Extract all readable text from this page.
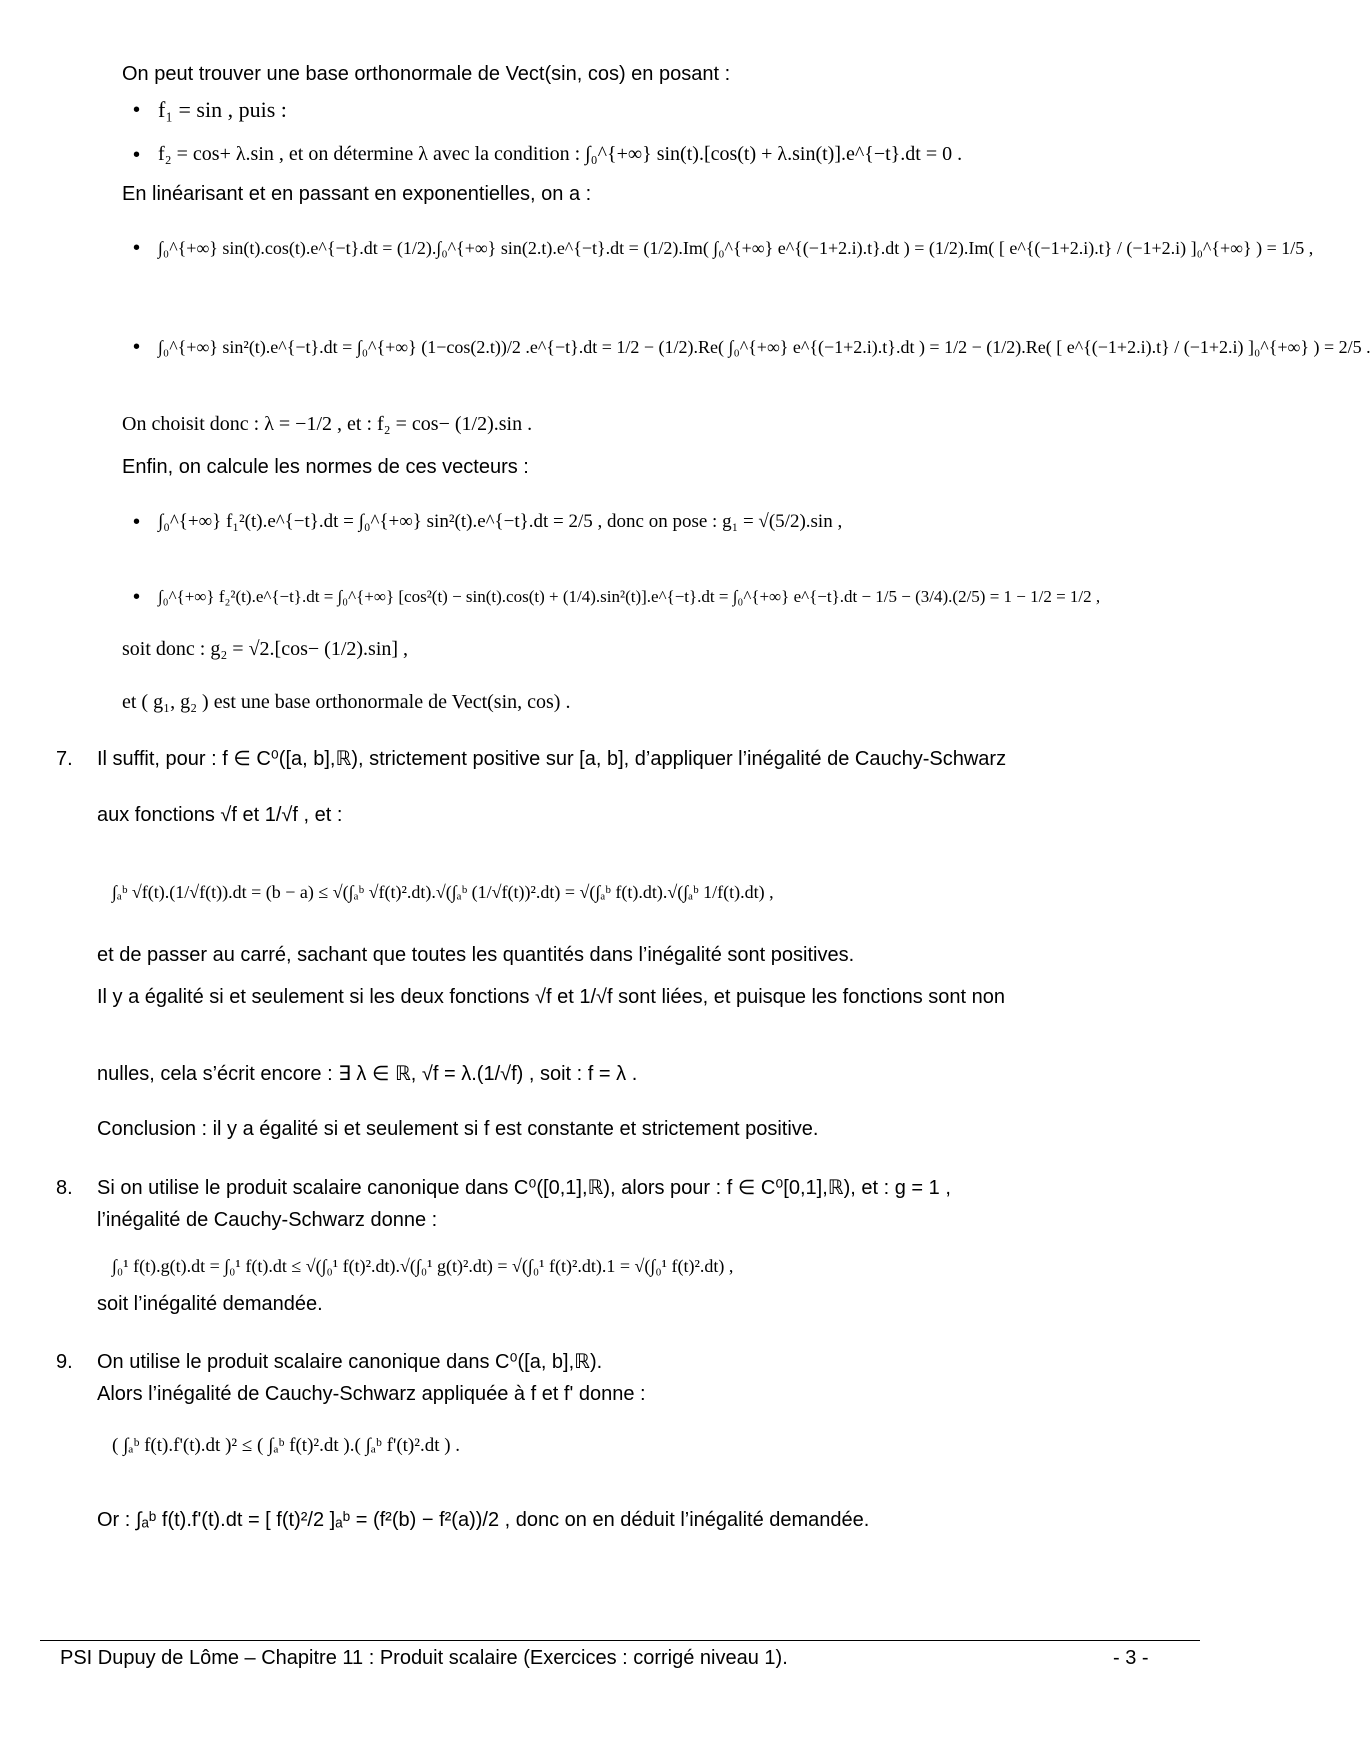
On peut trouver une base orthonormale de Vect(sin, cos) en posant :
• f₁ = sin , puis :
• f₂ = cos+ λ.sin , et on détermine λ avec la condition : ∫₀^{+∞} sin(t).[cos(t) + λ.sin(t)].e^{−t}.dt = 0 .
En linéarisant et en passant en exponentielles, on a :
• ∫₀^{+∞} sin(t).cos(t).e^{−t}.dt = (1/2).∫₀^{+∞} sin(2.t).e^{−t}.dt = (1/2).Im( ∫₀^{+∞} e^{(−1+2.i).t}.dt ) = (1/2).Im( [ e^{(−1+2.i).t} / (−1+2.i) ]₀^{+∞} ) = 1/5 ,
• ∫₀^{+∞} sin²(t).e^{−t}.dt = ∫₀^{+∞} (1−cos(2.t))/2 .e^{−t}.dt = 1/2 − (1/2).Re( ∫₀^{+∞} e^{(−1+2.i).t}.dt ) = 1/2 − (1/2).Re( [ e^{(−1+2.i).t} / (−1+2.i) ]₀^{+∞} ) = 2/5 .
On choisit donc : λ = −1/2 , et : f₂ = cos− (1/2).sin .
Enfin, on calcule les normes de ces vecteurs :
• ∫₀^{+∞} f₁²(t).e^{−t}.dt = ∫₀^{+∞} sin²(t).e^{−t}.dt = 2/5 , donc on pose : g₁ = √(5/2).sin ,
• ∫₀^{+∞} f₂²(t).e^{−t}.dt = ∫₀^{+∞} [cos²(t) − sin(t).cos(t) + (1/4).sin²(t)].e^{−t}.dt = ∫₀^{+∞} e^{−t}.dt − 1/5 − (3/4).(2/5) = 1 − 1/2 = 1/2 ,
soit donc : g₂ = √2.[cos− (1/2).sin] ,
et ( g₁, g₂ ) est une base orthonormale de Vect(sin, cos) .
7. Il suffit, pour : f ∈ C⁰([a, b],ℝ), strictement positive sur [a, b], d’appliquer l’inégalité de Cauchy-Schwarz
aux fonctions √f et 1/√f , et :
∫ₐᵇ √f(t).(1/√f(t)).dt = (b − a) ≤ √(∫ₐᵇ √f(t)².dt).√(∫ₐᵇ (1/√f(t))².dt) = √(∫ₐᵇ f(t).dt).√(∫ₐᵇ 1/f(t).dt) ,
et de passer au carré, sachant que toutes les quantités dans l’inégalité sont positives.
Il y a égalité si et seulement si les deux fonctions √f et 1/√f sont liées, et puisque les fonctions sont non
nulles, cela s’écrit encore : ∃ λ ∈ ℝ, √f = λ.(1/√f) , soit : f = λ .
Conclusion : il y a égalité si et seulement si f est constante et strictement positive.
8. Si on utilise le produit scalaire canonique dans C⁰([0,1],ℝ), alors pour : f ∈ C⁰[0,1],ℝ), et : g = 1 ,
l’inégalité de Cauchy-Schwarz donne :
∫₀¹ f(t).g(t).dt = ∫₀¹ f(t).dt ≤ √(∫₀¹ f(t)².dt).√(∫₀¹ g(t)².dt) = √(∫₀¹ f(t)².dt).1 = √(∫₀¹ f(t)².dt) ,
soit l’inégalité demandée.
9. On utilise le produit scalaire canonique dans C⁰([a, b],ℝ).
Alors l’inégalité de Cauchy-Schwarz appliquée à f et f' donne :
( ∫ₐᵇ f(t).f'(t).dt )² ≤ ( ∫ₐᵇ f(t)².dt ).( ∫ₐᵇ f'(t)².dt ) .
Or : ∫ₐᵇ f(t).f'(t).dt = [ f(t)²/2 ]ₐᵇ = (f²(b) − f²(a))/2 , donc on en déduit l’inégalité demandée.
PSI Dupuy de Lôme – Chapitre 11 : Produit scalaire (Exercices : corrigé niveau 1).	- 3 -
